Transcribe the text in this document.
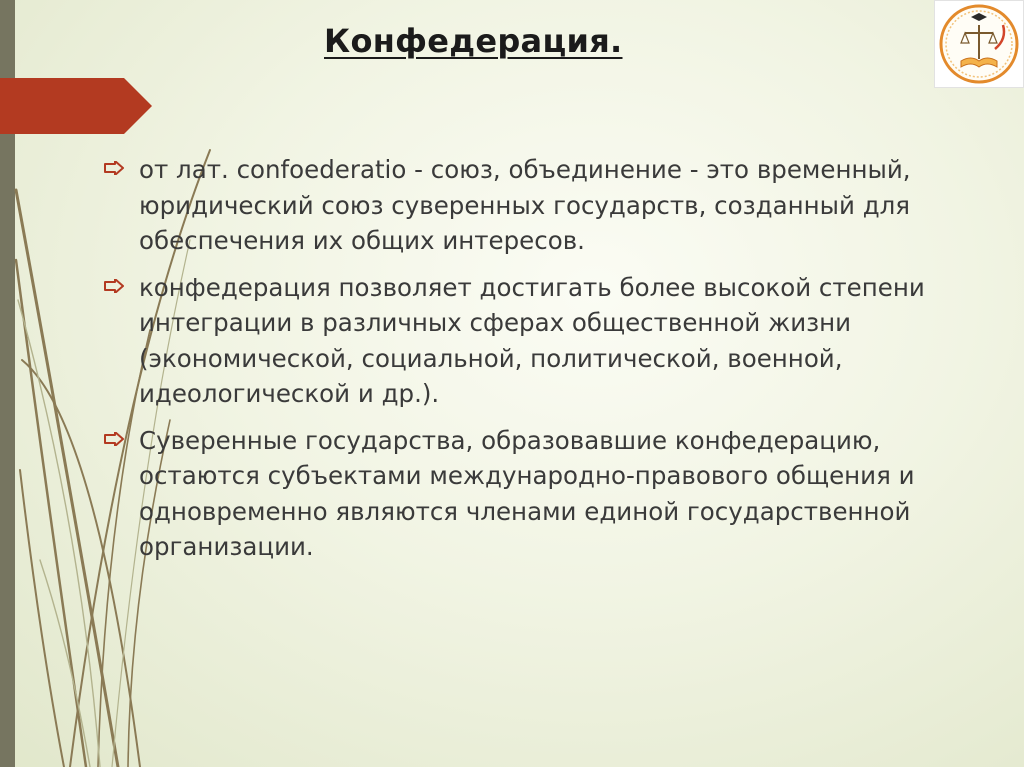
Конфедерация.
от лат. confoederatio - союз, объединение - это временный, юридический союз суверенных государств, созданный для обеспечения их общих интересов.
конфедерация позволяет достигать более высокой степени интеграции в различных сферах общественной жизни (экономической, социальной, политической, военной, идеологической и др.).
Суверенные государства, образовавшие конфедерацию, остаются субъектами международно-правового общения и одновременно являются членами единой государственной организации.
